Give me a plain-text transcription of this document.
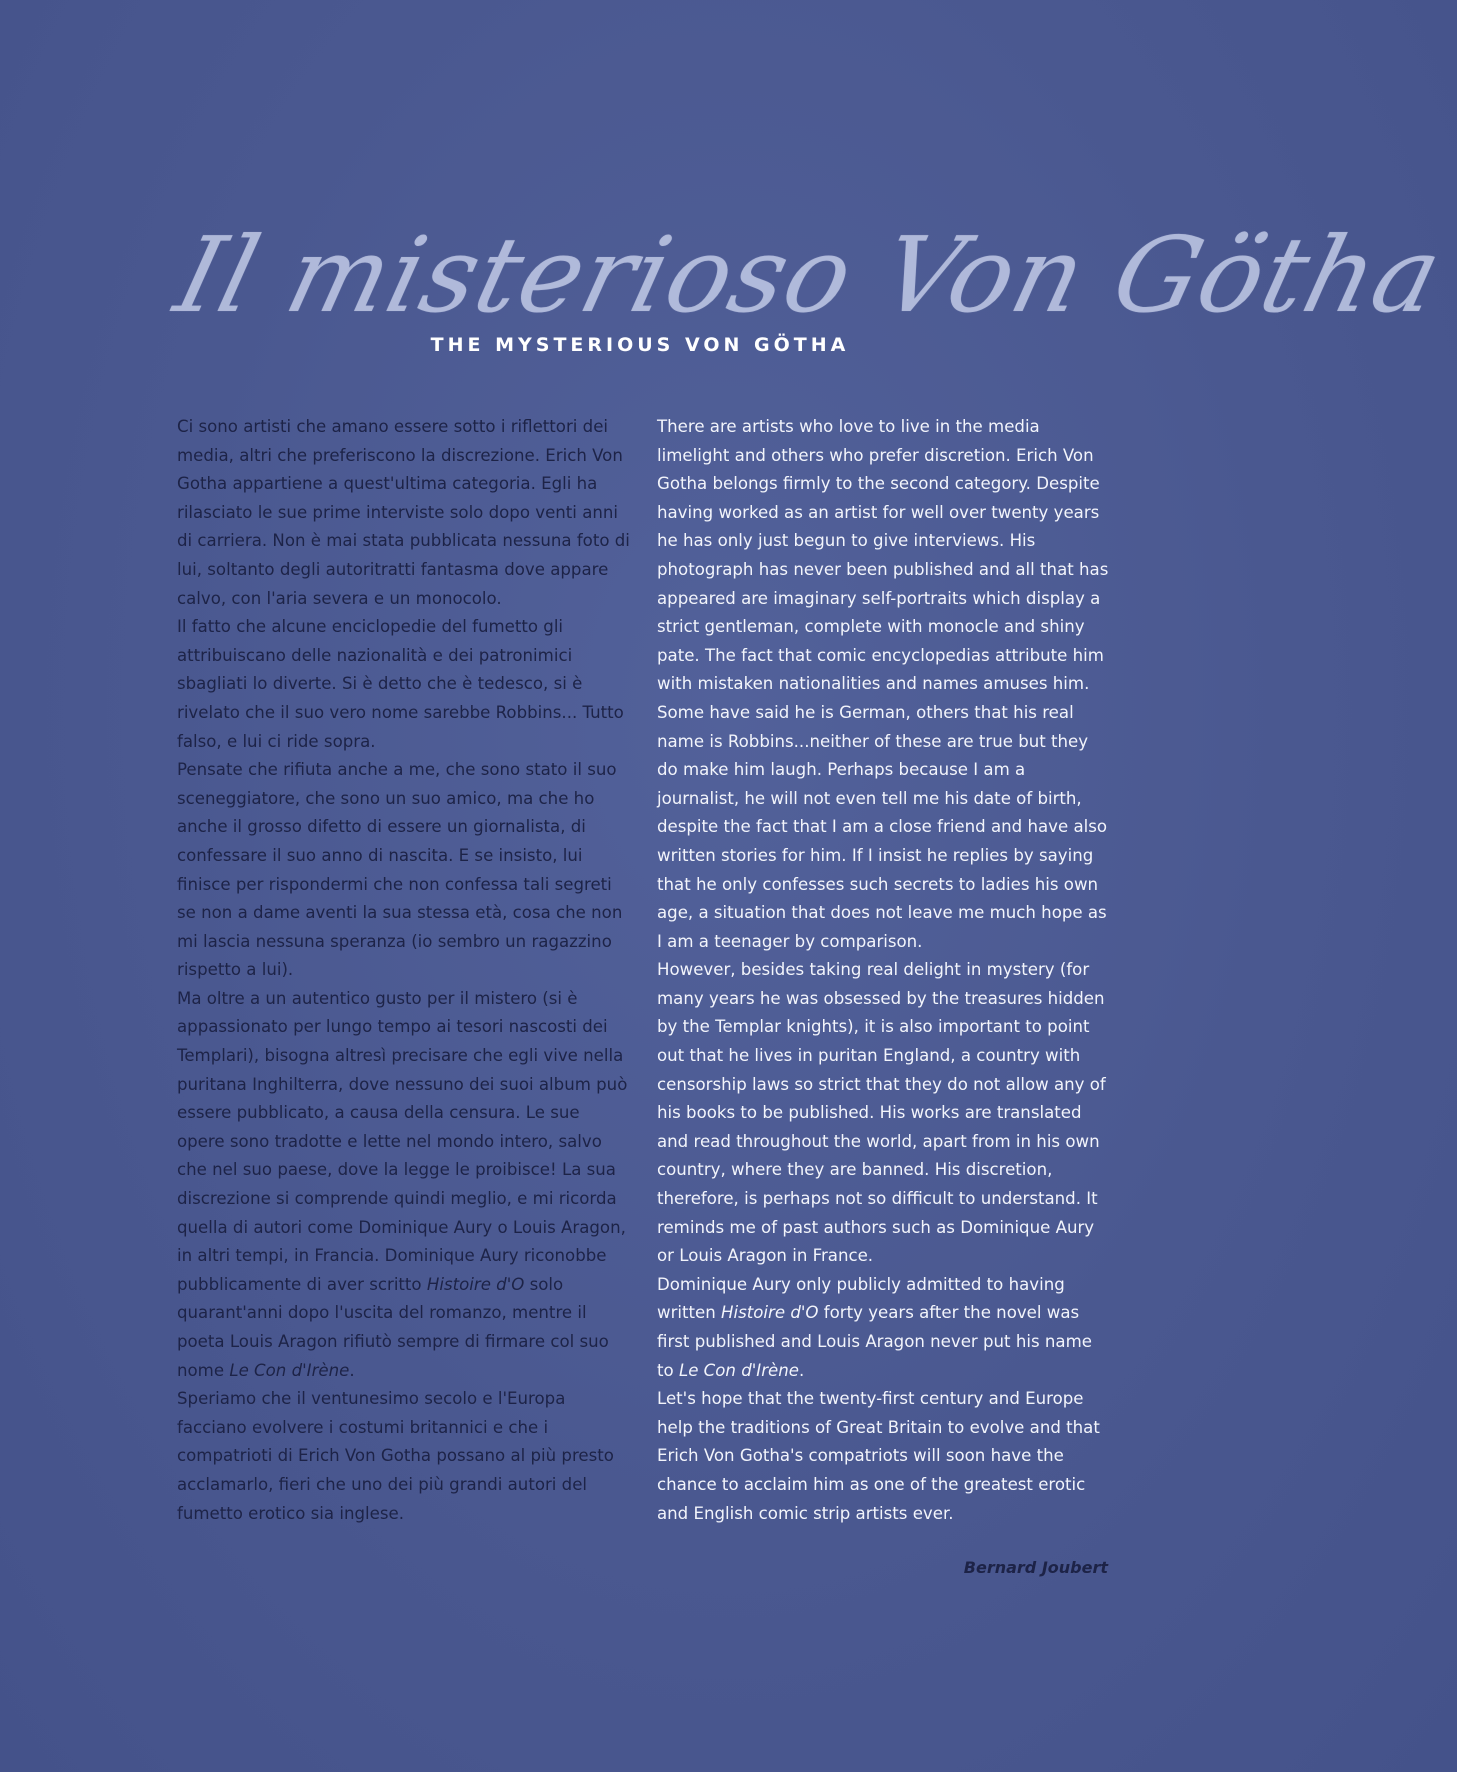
Il misterioso Von Götha
THE MYSTERIOUS VON GÖTHA

Ci sono artisti che amano essere sotto i riflettori dei media, altri che preferiscono la discrezione. Erich Von Gotha appartiene a quest'ultima categoria. Egli ha rilasciato le sue prime interviste solo dopo venti anni di carriera. Non è mai stata pubblicata nessuna foto di lui, soltanto degli autoritratti fantasma dove appare calvo, con l'aria severa e un monocolo.

Il fatto che alcune enciclopedie del fumetto gli attribuiscano delle nazionalità e dei patronimici sbagliati lo diverte. Si è detto che è tedesco, si è rivelato che il suo vero nome sarebbe Robbins... Tutto falso, e lui ci ride sopra.

Pensate che rifiuta anche a me, che sono stato il suo sceneggiatore, che sono un suo amico, ma che ho anche il grosso difetto di essere un giornalista, di confessare il suo anno di nascita. E se insisto, lui finisce per rispondermi che non confessa tali segreti se non a dame aventi la sua stessa età, cosa che non mi lascia nessuna speranza (io sembro un ragazzino rispetto a lui).

Ma oltre a un autentico gusto per il mistero (si è appassionato per lungo tempo ai tesori nascosti dei Templari), bisogna altresì precisare che egli vive nella puritana Inghilterra, dove nessuno dei suoi album può essere pubblicato, a causa della censura. Le sue opere sono tradotte e lette nel mondo intero, salvo che nel suo paese, dove la legge le proibisce! La sua discrezione si comprende quindi meglio, e mi ricorda quella di autori come Dominique Aury o Louis Aragon, in altri tempi, in Francia. Dominique Aury riconobbe pubblicamente di aver scritto Histoire d'O solo quarant'anni dopo l'uscita del romanzo, mentre il poeta Louis Aragon rifiutò sempre di firmare col suo nome Le Con d'Irène.

Speriamo che il ventunesimo secolo e l'Europa facciano evolvere i costumi britannici e che i compatrioti di Erich Von Gotha possano al più presto acclamarlo, fieri che uno dei più grandi autori del fumetto erotico sia inglese.

There are artists who love to live in the media limelight and others who prefer discretion. Erich Von Gotha belongs firmly to the second category. Despite having worked as an artist for well over twenty years he has only just begun to give interviews. His photograph has never been published and all that has appeared are imaginary self-portraits which display a strict gentleman, complete with monocle and shiny pate. The fact that comic encyclopedias attribute him with mistaken nationalities and names amuses him. Some have said he is German, others that his real name is Robbins...neither of these are true but they do make him laugh. Perhaps because I am a journalist, he will not even tell me his date of birth, despite the fact that I am a close friend and have also written stories for him. If I insist he replies by saying that he only confesses such secrets to ladies his own age, a situation that does not leave me much hope as I am a teenager by comparison.

However, besides taking real delight in mystery (for many years he was obsessed by the treasures hidden by the Templar knights), it is also important to point out that he lives in puritan England, a country with censorship laws so strict that they do not allow any of his books to be published. His works are translated and read throughout the world, apart from in his own country, where they are banned. His discretion, therefore, is perhaps not so difficult to understand. It reminds me of past authors such as Dominique Aury or Louis Aragon in France.

Dominique Aury only publicly admitted to having written Histoire d'O forty years after the novel was first published and Louis Aragon never put his name to Le Con d'Irène.

Let's hope that the twenty-first century and Europe help the traditions of Great Britain to evolve and that Erich Von Gotha's compatriots will soon have the chance to acclaim him as one of the greatest erotic and English comic strip artists ever.

Bernard Joubert
